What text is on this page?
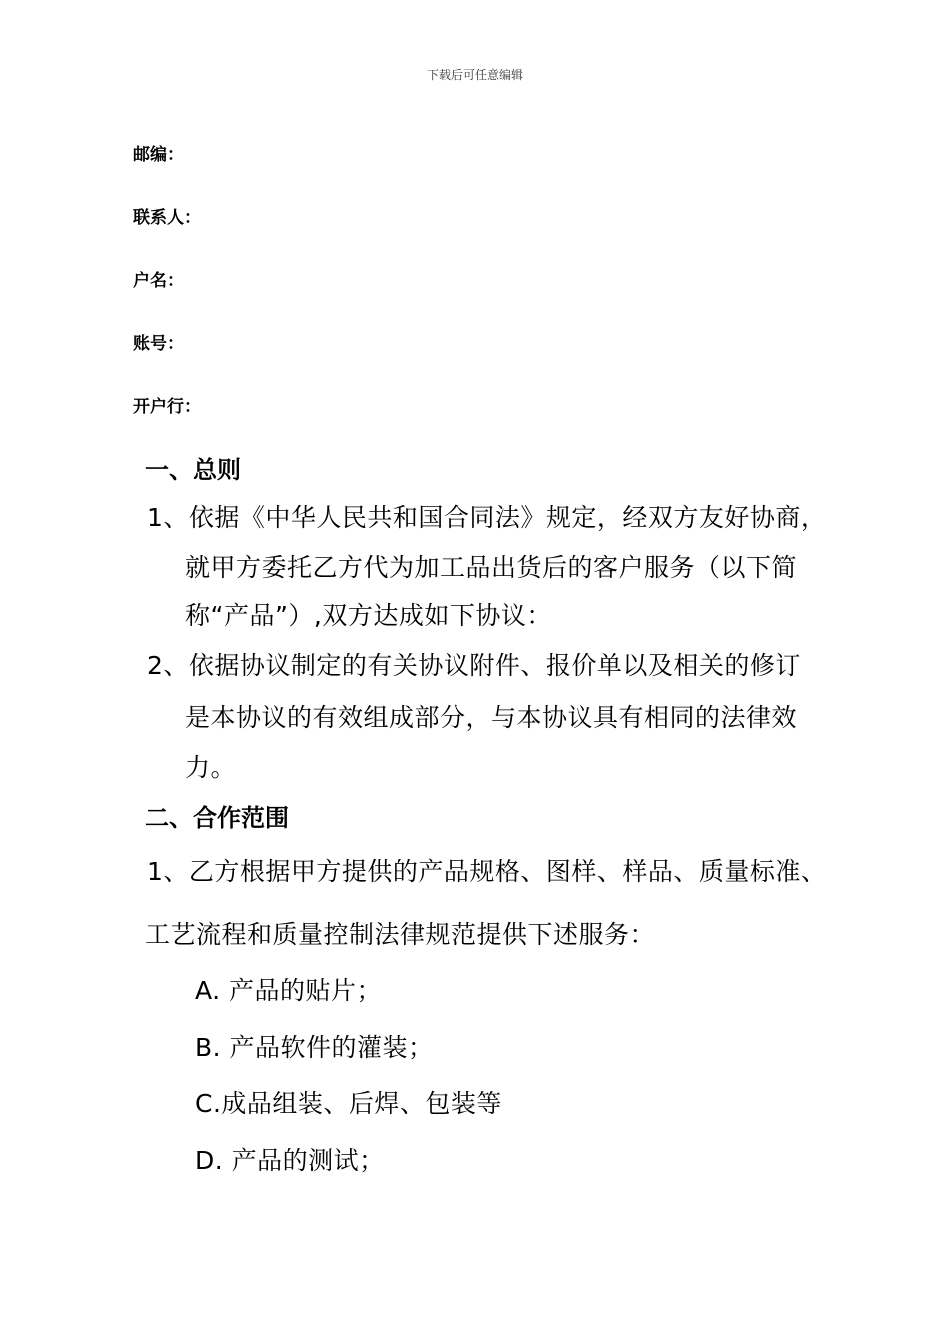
下载后可任意编辑
邮编：
联系人：
户名：
账号：
开户行：
一、总则
1、依据《中华人民共和国合同法》规定，经双方友好协商，
就甲方委托乙方代为加工品出货后的客户服务（以下简
称“产品”）,双方达成如下协议：
2、依据协议制定的有关协议附件、报价单以及相关的修订
是本协议的有效组成部分，与本协议具有相同的法律效
力。
二、合作范围
1、乙方根据甲方提供的产品规格、图样、样品、质量标准、
工艺流程和质量控制法律规范提供下述服务：
A. 产品的贴片；
B. 产品软件的灌装；
C.成品组装、后焊、包装等
D. 产品的测试；
